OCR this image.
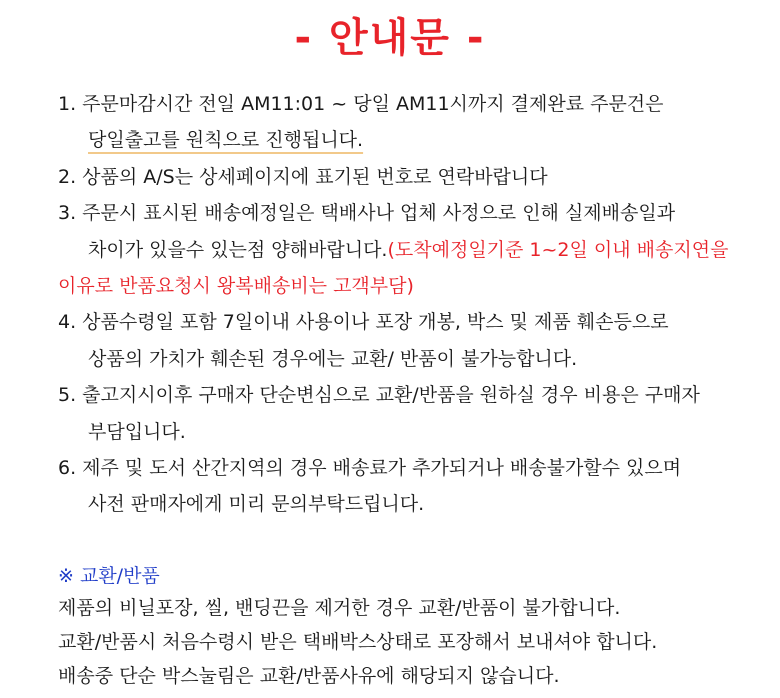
- 안내문 -
1. 주문마감시간 전일 AM11:01 ~ 당일 AM11시까지 결제완료 주문건은
당일출고를 원칙으로 진행됩니다.
2. 상품의 A/S는 상세페이지에 표기된 번호로 연락바랍니다
3. 주문시 표시된 배송예정일은 택배사나 업체 사정으로 인해 실제배송일과
차이가 있을수 있는점 양해바랍니다.(도착예정일기준 1~2일 이내 배송지연을
이유로 반품요청시 왕복배송비는 고객부담)
4. 상품수령일 포함 7일이내 사용이나 포장 개봉, 박스 및 제품 훼손등으로
상품의 가치가 훼손된 경우에는 교환/ 반품이 불가능합니다.
5. 출고지시이후 구매자 단순변심으로 교환/반품을 원하실 경우 비용은 구매자
부담입니다.
6. 제주 및 도서 산간지역의 경우 배송료가 추가되거나 배송불가할수 있으며
사전 판매자에게 미리 문의부탁드립니다.
※ 교환/반품
제품의 비닐포장, 씰, 밴딩끈을 제거한 경우 교환/반품이 불가합니다.
교환/반품시 처음수령시 받은 택배박스상태로 포장해서 보내셔야 합니다.
배송중 단순 박스눌림은 교환/반품사유에 해당되지 않습니다.
